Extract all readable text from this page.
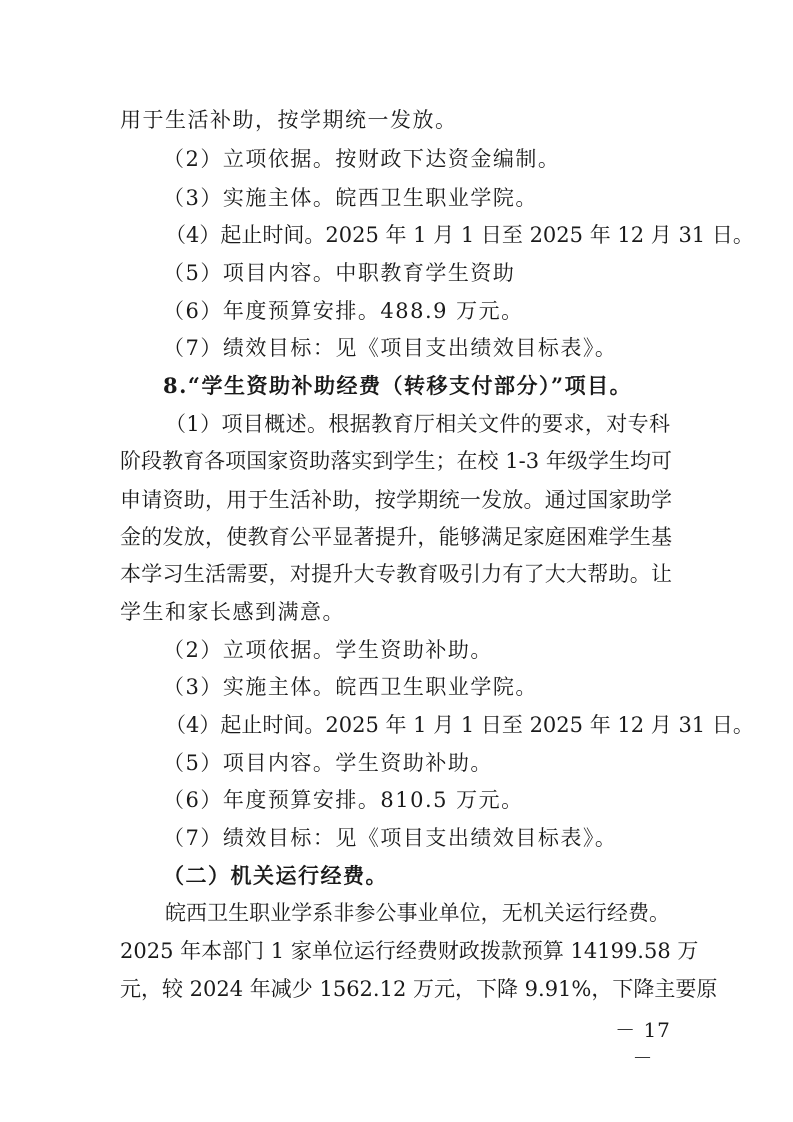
用于生活补助，按学期统一发放。
（2）立项依据。按财政下达资金编制。
（3）实施主体。皖西卫生职业学院。
（4）起止时间。2025 年 1 月 1 日至 2025 年 12 月 31 日。
（5）项目内容。中职教育学生资助
（6）年度预算安排。488.9 万元。
（7）绩效目标：见《项目支出绩效目标表》。
8.“学生资助补助经费（转移支付部分）”项目。
（1）项目概述。根据教育厅相关文件的要求，对专科
阶段教育各项国家资助落实到学生；在校 1-3 年级学生均可
申请资助，用于生活补助，按学期统一发放。通过国家助学
金的发放，使教育公平显著提升，能够满足家庭困难学生基
本学习生活需要，对提升大专教育吸引力有了大大帮助。让
学生和家长感到满意。
（2）立项依据。学生资助补助。
（3）实施主体。皖西卫生职业学院。
（4）起止时间。2025 年 1 月 1 日至 2025 年 12 月 31 日。
（5）项目内容。学生资助补助。
（6）年度预算安排。810.5 万元。
（7）绩效目标：见《项目支出绩效目标表》。
（二）机关运行经费。
皖西卫生职业学系非参公事业单位，无机关运行经费。
2025 年本部门 1 家单位运行经费财政拨款预算 14199.58 万
元，较 2024 年减少 1562.12 万元，下降 9.91%，下降主要原
－ 17 －
